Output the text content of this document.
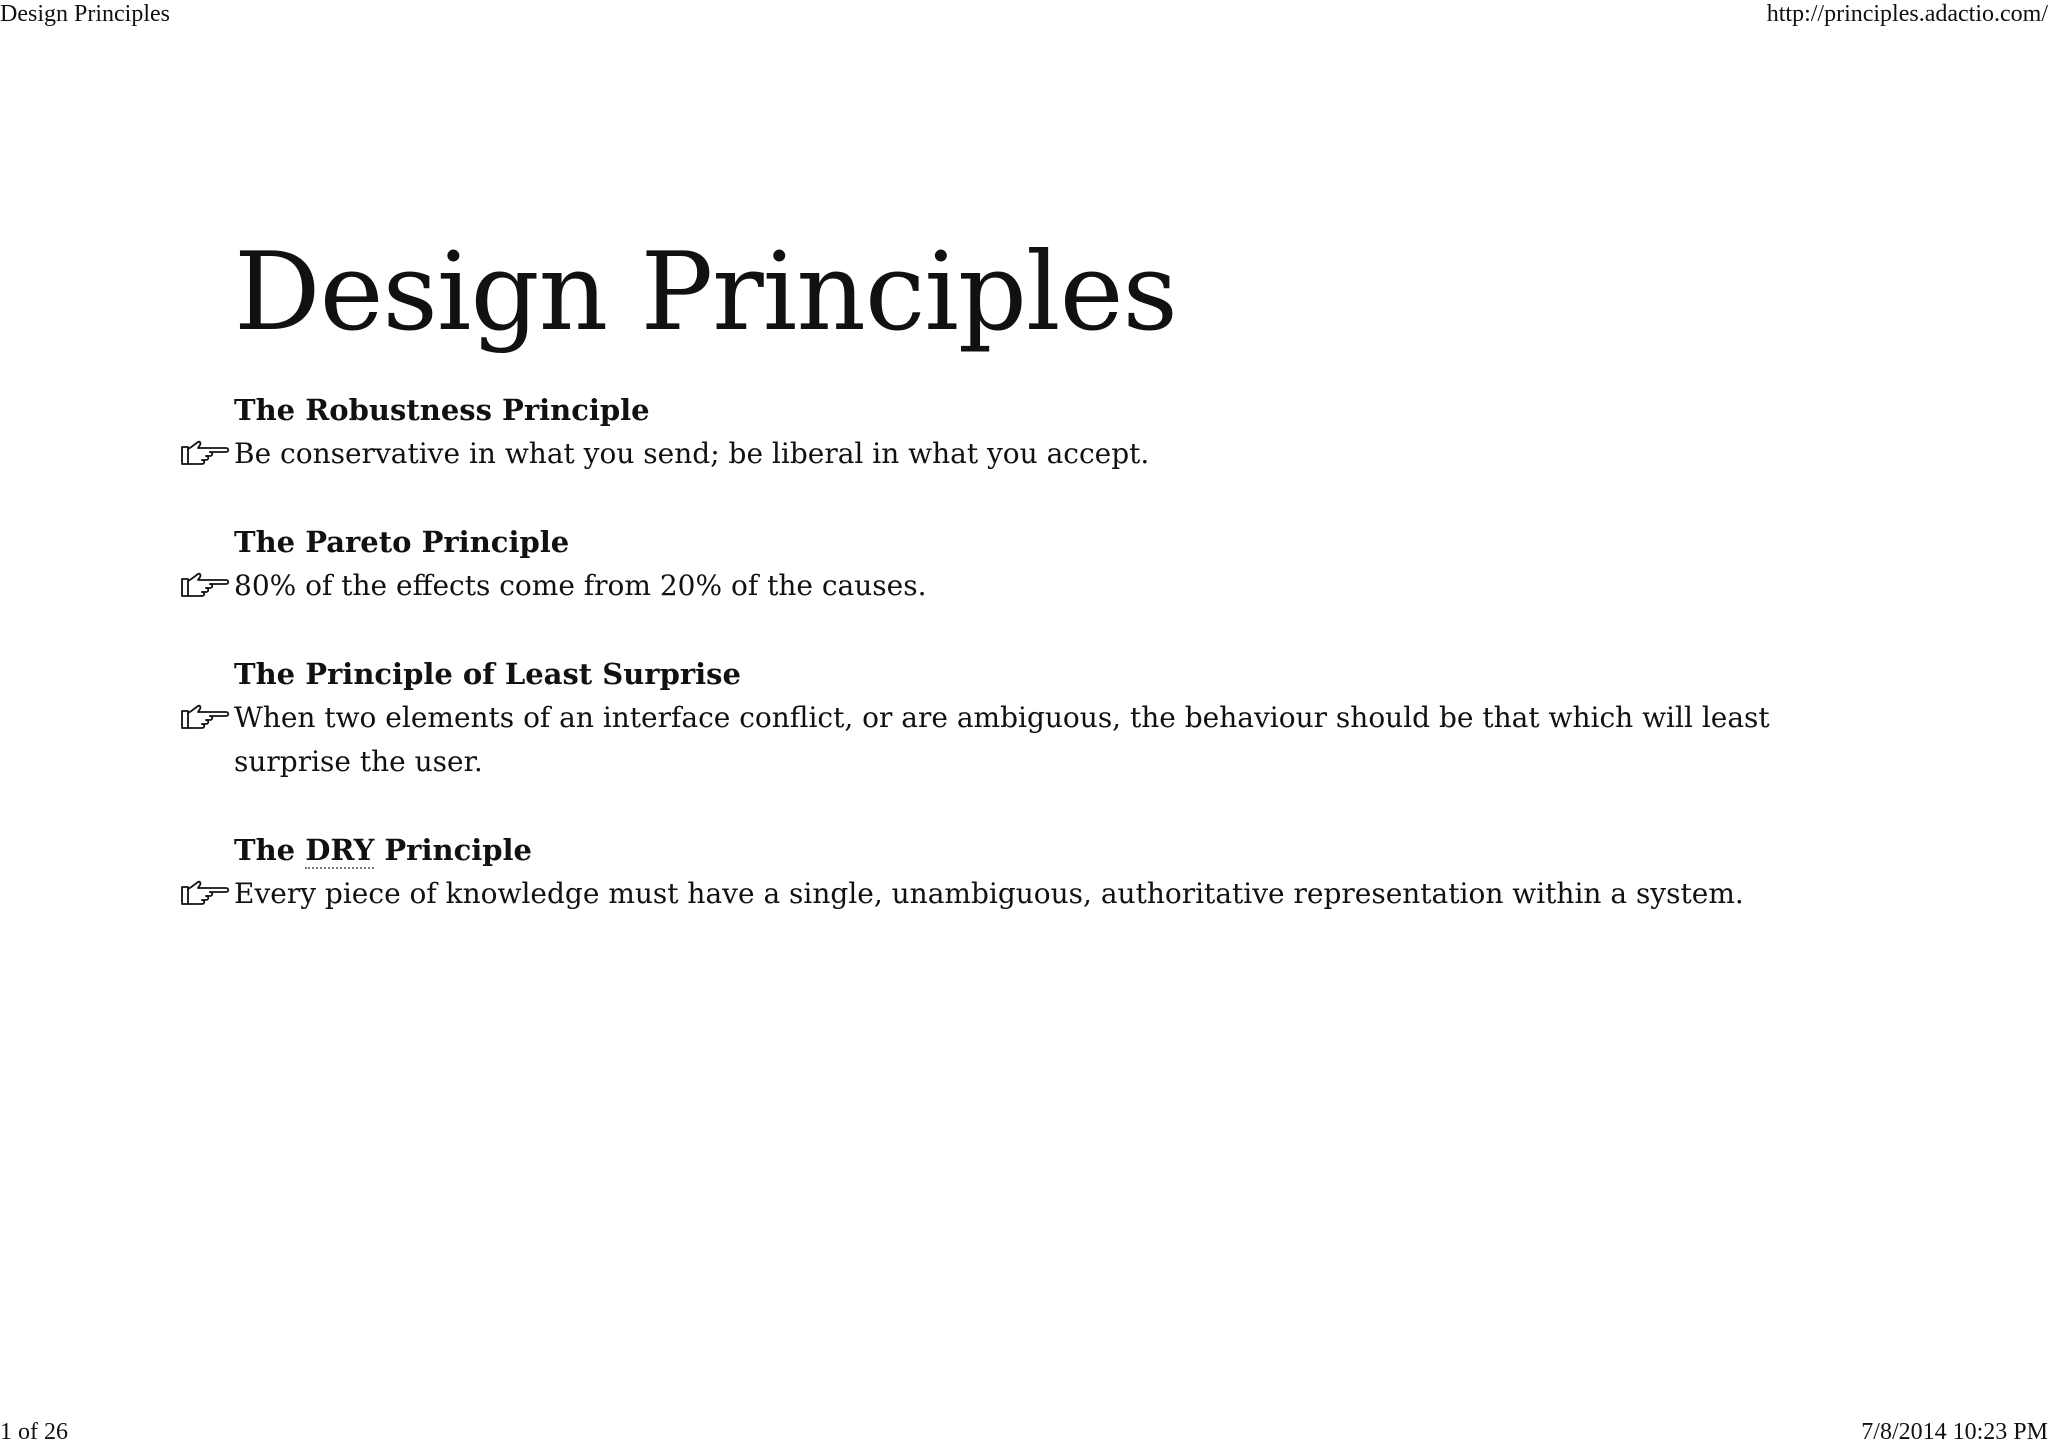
Design Principles	http://principles.adactio.com/
Design Principles
The Robustness Principle
Be conservative in what you send; be liberal in what you accept.
The Pareto Principle
80% of the effects come from 20% of the causes.
The Principle of Least Surprise
When two elements of an interface conflict, or are ambiguous, the behaviour should be that which will least surprise the user.
The DRY Principle
Every piece of knowledge must have a single, unambiguous, authoritative representation within a system.
1 of 26	7/8/2014 10:23 PM
